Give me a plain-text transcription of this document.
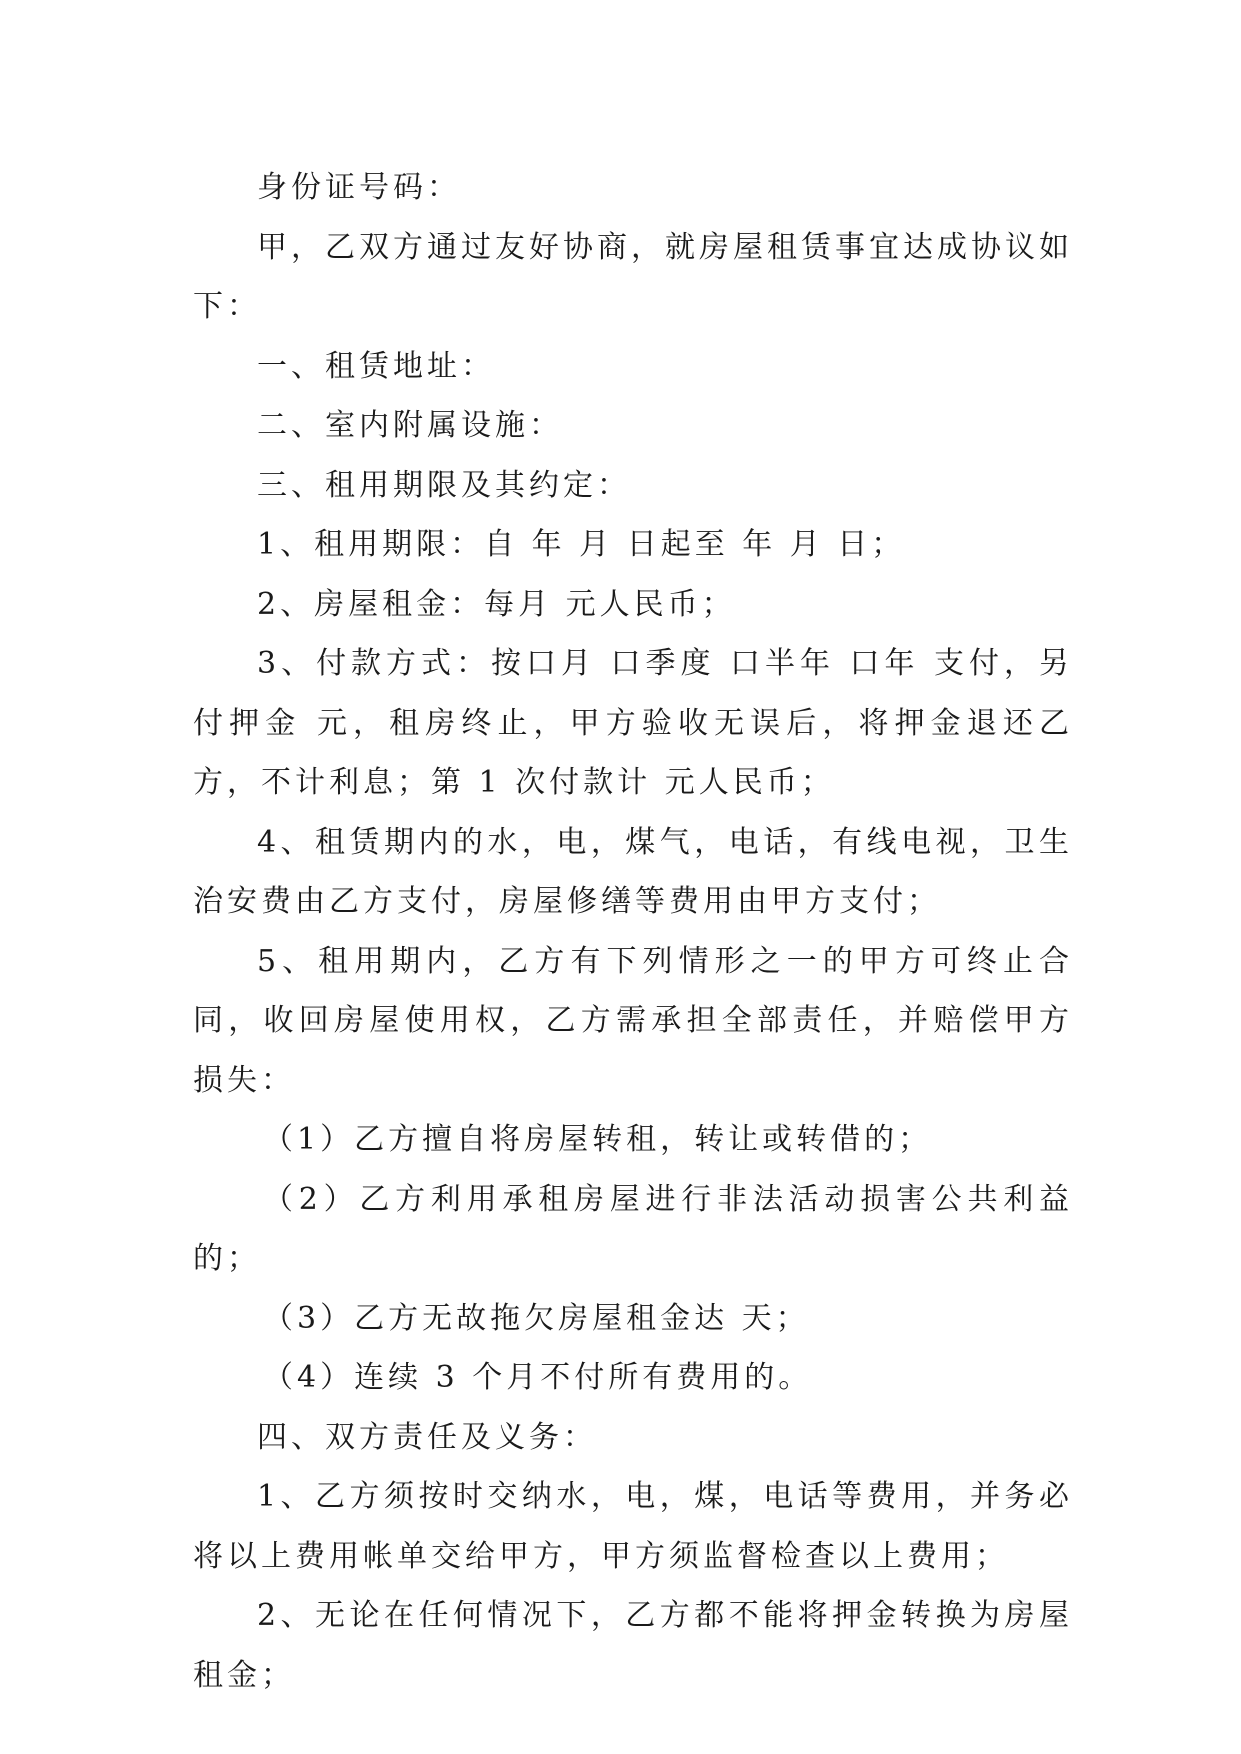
身份证号码：

甲，乙双方通过友好协商，就房屋租赁事宜达成协议如下：

一、租赁地址：

二、室内附属设施：

三、租用期限及其约定：

1、租用期限：自 年 月 日起至 年 月 日；

2、房屋租金：每月 元人民币；

3、付款方式：按口月 口季度 口半年 口年 支付，另付押金 元，租房终止，甲方验收无误后，将押金退还乙方，不计利息；第 1 次付款计 元人民币；

4、租赁期内的水，电，煤气，电话，有线电视，卫生治安费由乙方支付，房屋修缮等费用由甲方支付；

5、租用期内，乙方有下列情形之一的甲方可终止合同，收回房屋使用权，乙方需承担全部责任，并赔偿甲方损失：

（1）乙方擅自将房屋转租，转让或转借的；

（2）乙方利用承租房屋进行非法活动损害公共利益的；

（3）乙方无故拖欠房屋租金达 天；

（4）连续 3 个月不付所有费用的。

四、双方责任及义务：

1、乙方须按时交纳水，电，煤，电话等费用，并务必将以上费用帐单交给甲方，甲方须监督检查以上费用；

2、无论在任何情况下，乙方都不能将押金转换为房屋租金；
